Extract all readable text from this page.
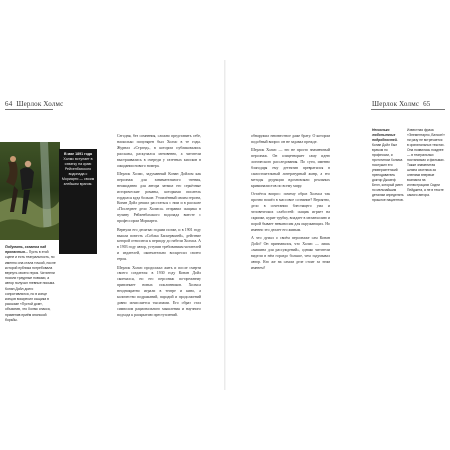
64 Шерлок Холмс
В мае 1891 года
Холмс вступает в схватку на краю Рейхенбахского водопада с Мориарти — своим злейшим врагом.

Подумать, схватка над пропастью... Пусть в этой сцене и есть театральность, но именно она стала точкой, после которой публика потребовала вернуть своего героя. Читатели носили траурные повязки, а автор получал гневные письма. Конан Дойл долго сопротивлялся, но в конце концов воскресил сыщика в рассказе «Пустой дом», объяснив, что Холмс спасся, применив приём японской борьбы.

Сегодня, без сомнения, сложно представить себе, насколько популярен был Холмс в те годы. Журнал «Стрэнд», в котором публиковались рассказы, раскупался мгновенно, а читатели выстраивались в очереди у газетных киосков в ожидании нового номера.

Шерлок Холмс, задуманный Конан Дойлом как персонаж для занимательного чтения, неожиданно для автора затмил его серьёзные исторические романы, которыми писатель гордился куда больше. Утомлённый своим героем, Конан Дойл решил расстаться с ним и в рассказе «Последнее дело Холмса» отправил сыщика в пучину Рейхенбахского водопада вместе с профессором Мориарти.

Вернули его десятью годами позже, и в 1901 году вышла повесть «Собака Баскервилей», действие которой относится к периоду до гибели Холмса. А в 1903 году автор, уступив требованиям читателей и издателей, окончательно воскресил своего героя.

Шерлок Холмс продолжал жить и после смерти своего создателя: в 1930 году Конан Дойл скончался, но его персонаж по-прежнему привлекает новых поклонников. Холмса неоднократно играли в театре и кино, а количество подражаний, пародий и продолжений давно исчисляется тысячами. Его образ стал символом рационального мышления и научного подхода к раскрытию преступлений.

Шерлок Холмс 65

обнаружил неизвестное даже брату. О котором подобный вопрос он не задавал прежде.

Шерлок Холмс — это не просто знаменитый персонаж. Он олицетворяет саму идею логического расследования. По сути, именно благодаря ему детектив превратился в самостоятельный литературный жанр, а его методы дедукции вдохновляли реальных криминалистов по всему миру.

Остаётся вопрос: почему образ Холмса так прочно вошёл в массовое сознание? Вероятно, дело в сочетании блестящего ума и человеческих слабостей: сыщик играет на скрипке, курит трубку, впадает в меланхолию и порой бывает невыносим для окружающих. Но именно это делает его живым.

А что думал о своём персонаже сам Конан Дойл? Он признавался, что Холмс — лишь «машина для рассуждений», однако читатели видели в нём гораздо больше, чем задумывал автор. Кто же на самом деле стоит за этим именем?

Несколько любопытных подробностей. Конан Дойл был врачом по профессии, и прототипом Холмса послужил его университетский преподаватель доктор Джозеф Белл, который умел по мельчайшим деталям определять прошлое пациентов.

Известная фраза «Элементарно, Ватсон!» ни разу не встречается в оригинальных текстах. Она появилась позднее — в театральных постановках и фильмах. Также знаменитая шляпа охотника за оленями впервые возникла на иллюстрациях Сидни Пейджета, а не в тексте самого автора.
